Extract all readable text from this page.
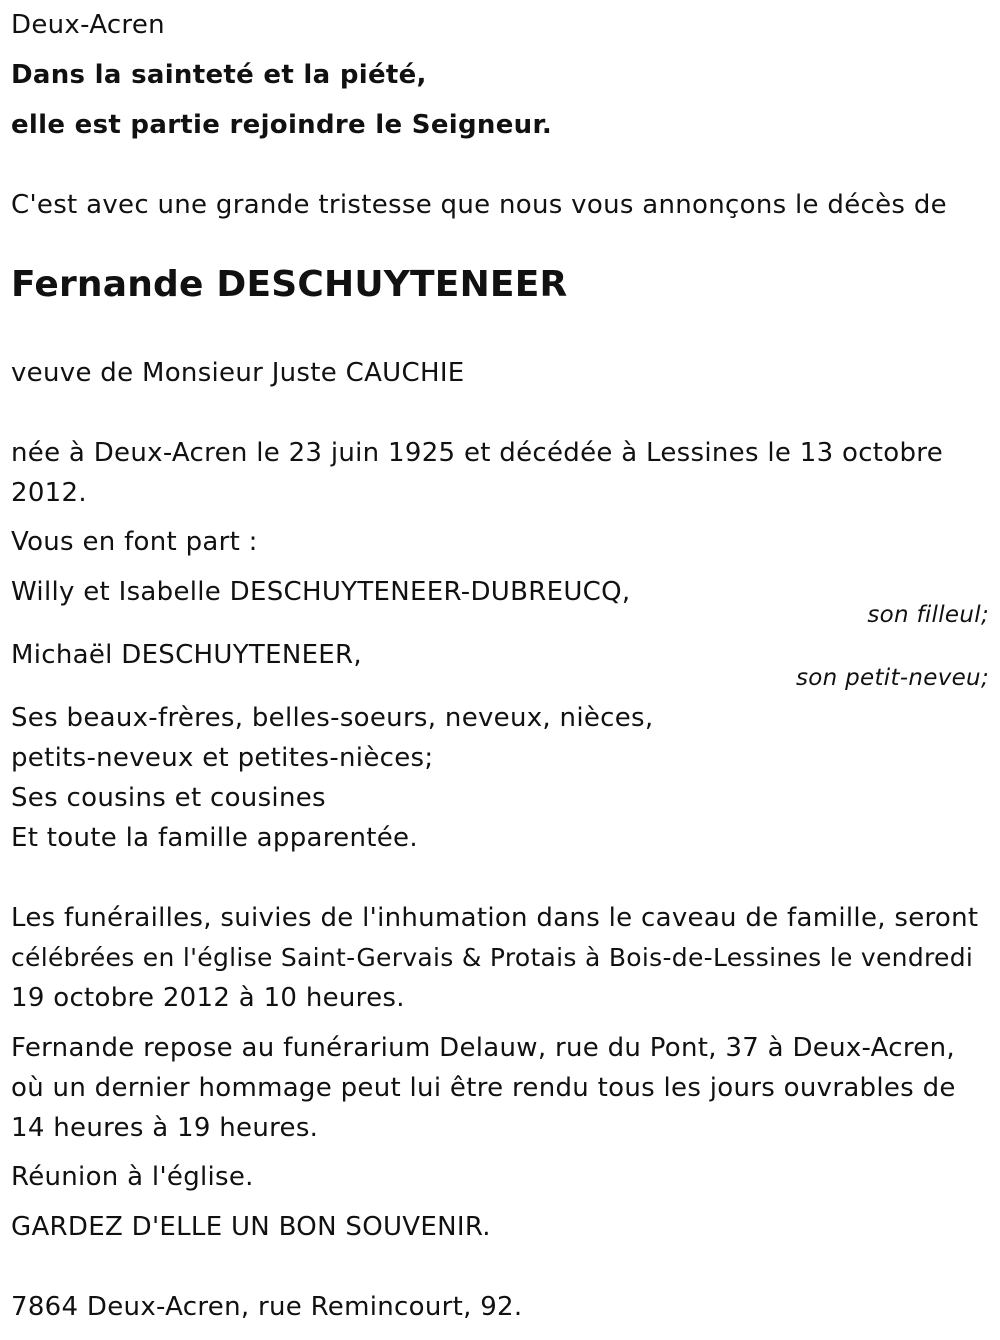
Deux-Acren
Dans la sainteté et la piété,
elle est partie rejoindre le Seigneur.
C'est avec une grande tristesse que nous vous annonçons le décès de
Fernande DESCHUYTENEER
veuve de Monsieur Juste CAUCHIE
née à Deux-Acren le 23 juin 1925 et décédée à Lessines le 13 octobre
2012.
Vous en font part :
Willy et Isabelle DESCHUYTENEER-DUBREUCQ,
son filleul;
Michaël DESCHUYTENEER,
son petit-neveu;
Ses beaux-frères, belles-soeurs, neveux, nièces,
petits-neveux et petites-nièces;
Ses cousins et cousines
Et toute la famille apparentée.
Les funérailles, suivies de l'inhumation dans le caveau de famille, seront
célébrées en l'église Saint-Gervais & Protais à Bois-de-Lessines le vendredi
19 octobre 2012 à 10 heures.
Fernande repose au funérarium Delauw, rue du Pont, 37 à Deux-Acren,
où un dernier hommage peut lui être rendu tous les jours ouvrables de
14 heures à 19 heures.
Réunion à l'église.
GARDEZ D'ELLE UN BON SOUVENIR.
7864 Deux-Acren, rue Remincourt, 92.
